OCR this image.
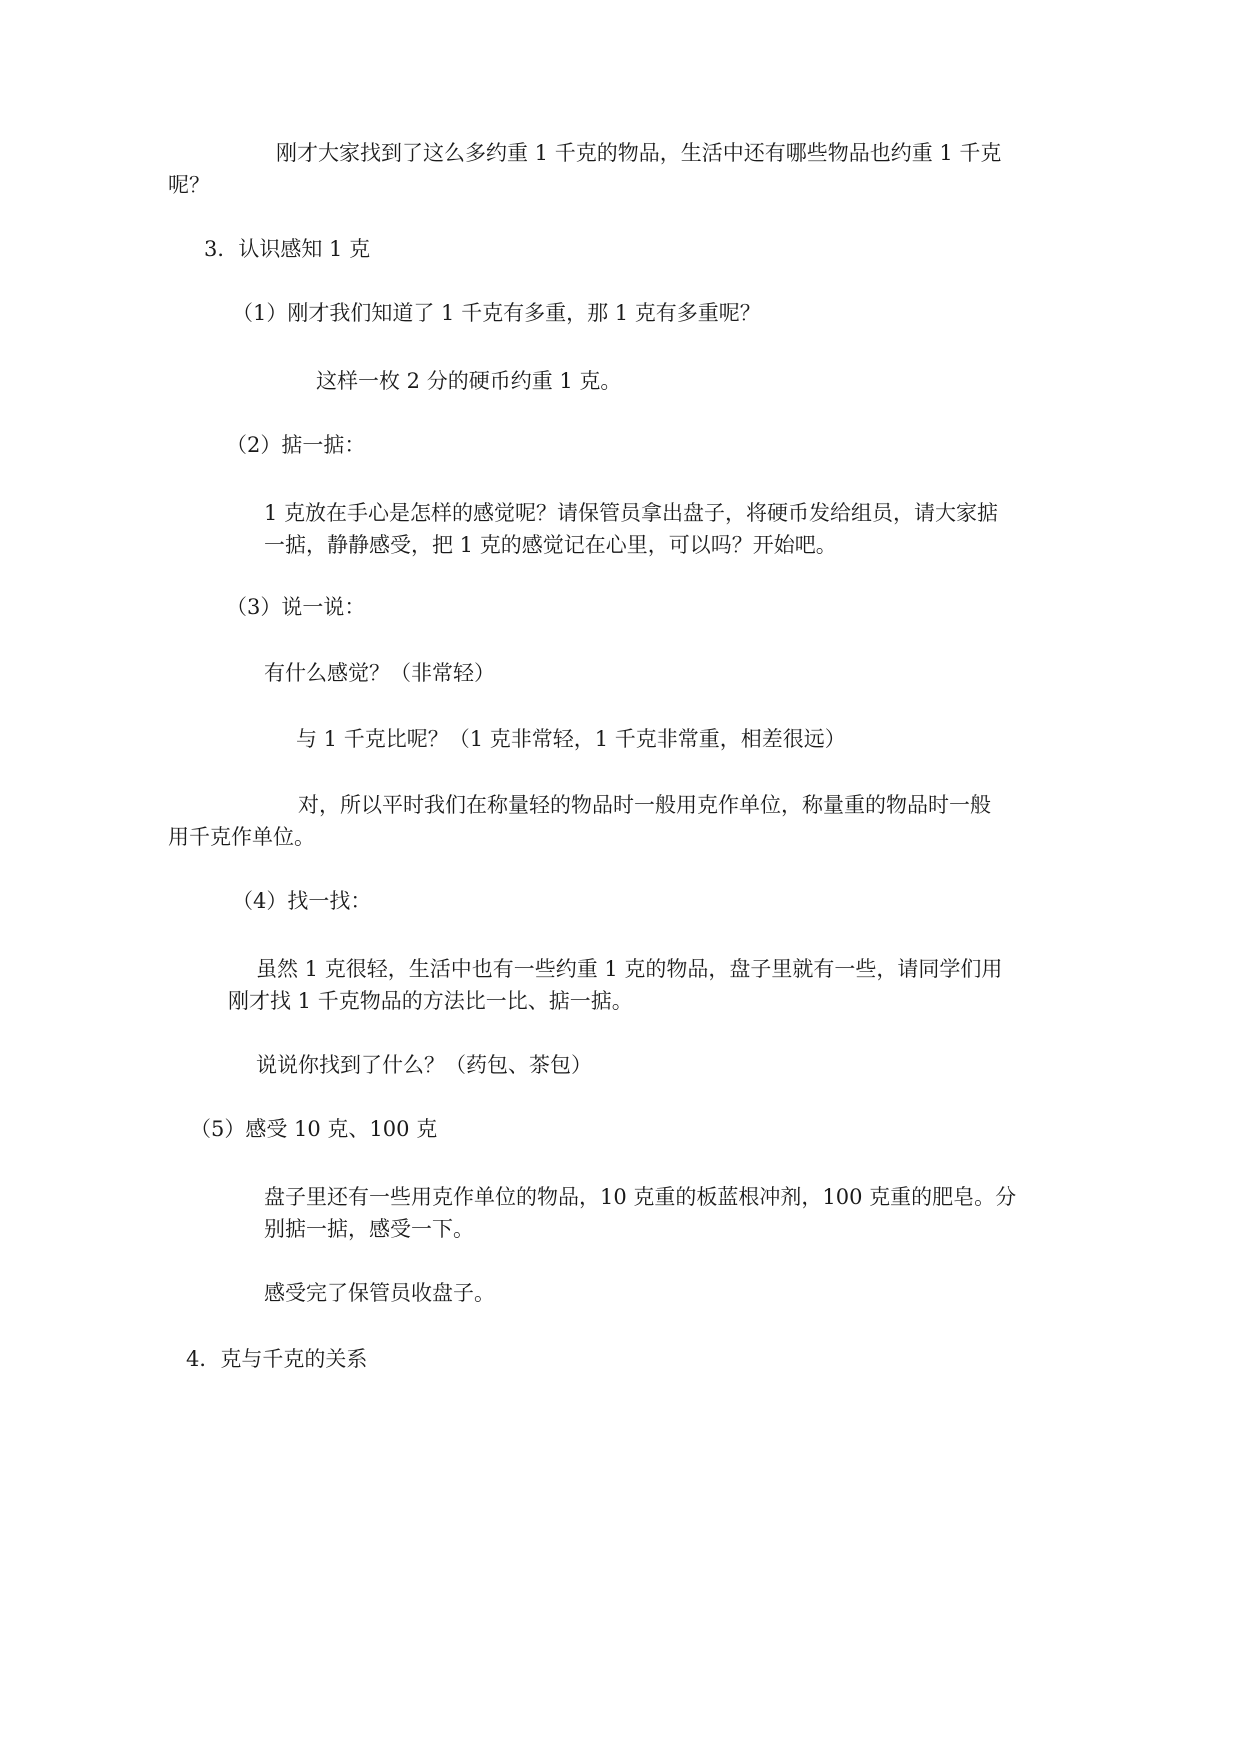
刚才大家找到了这么多约重 1 千克的物品，生活中还有哪些物品也约重 1 千克
呢？
3．认识感知 1 克
（1）刚才我们知道了 1 千克有多重，那 1 克有多重呢？
这样一枚 2 分的硬币约重 1 克。
（2）掂一掂：
1 克放在手心是怎样的感觉呢？请保管员拿出盘子，将硬币发给组员，请大家掂
一掂，静静感受，把 1 克的感觉记在心里，可以吗？开始吧。
（3）说一说：
有什么感觉？（非常轻）
与 1 千克比呢？（1 克非常轻，1 千克非常重，相差很远）
对，所以平时我们在称量轻的物品时一般用克作单位，称量重的物品时一般
用千克作单位。
（4）找一找：
虽然 1 克很轻，生活中也有一些约重 1 克的物品，盘子里就有一些，请同学们用
刚才找 1 千克物品的方法比一比、掂一掂。
说说你找到了什么？（药包、茶包）
（5）感受 10 克、100 克
盘子里还有一些用克作单位的物品，10 克重的板蓝根冲剂，100 克重的肥皂。分
别掂一掂，感受一下。
感受完了保管员收盘子。
4．克与千克的关系
